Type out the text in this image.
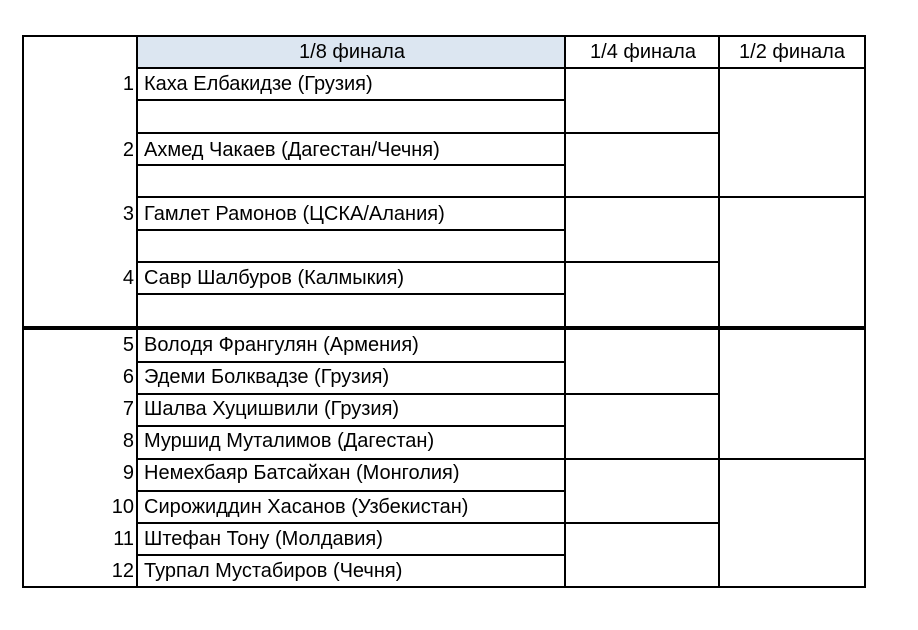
1/8 финала	1/4 финала	1/2 финала
1
2
3
4
5
6
7
8
9
10
11
12
Каха Елбакидзе (Грузия)
Ахмед Чакаев (Дагестан/Чечня)
Гамлет Рамонов (ЦСКА/Алания)
Савр Шалбуров (Калмыкия)
Володя Франгулян (Армения)
Эдеми Болквадзе (Грузия)
Шалва Хуцишвили (Грузия)
Муршид Муталимов (Дагестан)
Немехбаяр Батсайхан (Монголия)
Сирожиддин Хасанов (Узбекистан)
Штефан Тону (Молдавия)
Турпал Мустабиров (Чечня)
